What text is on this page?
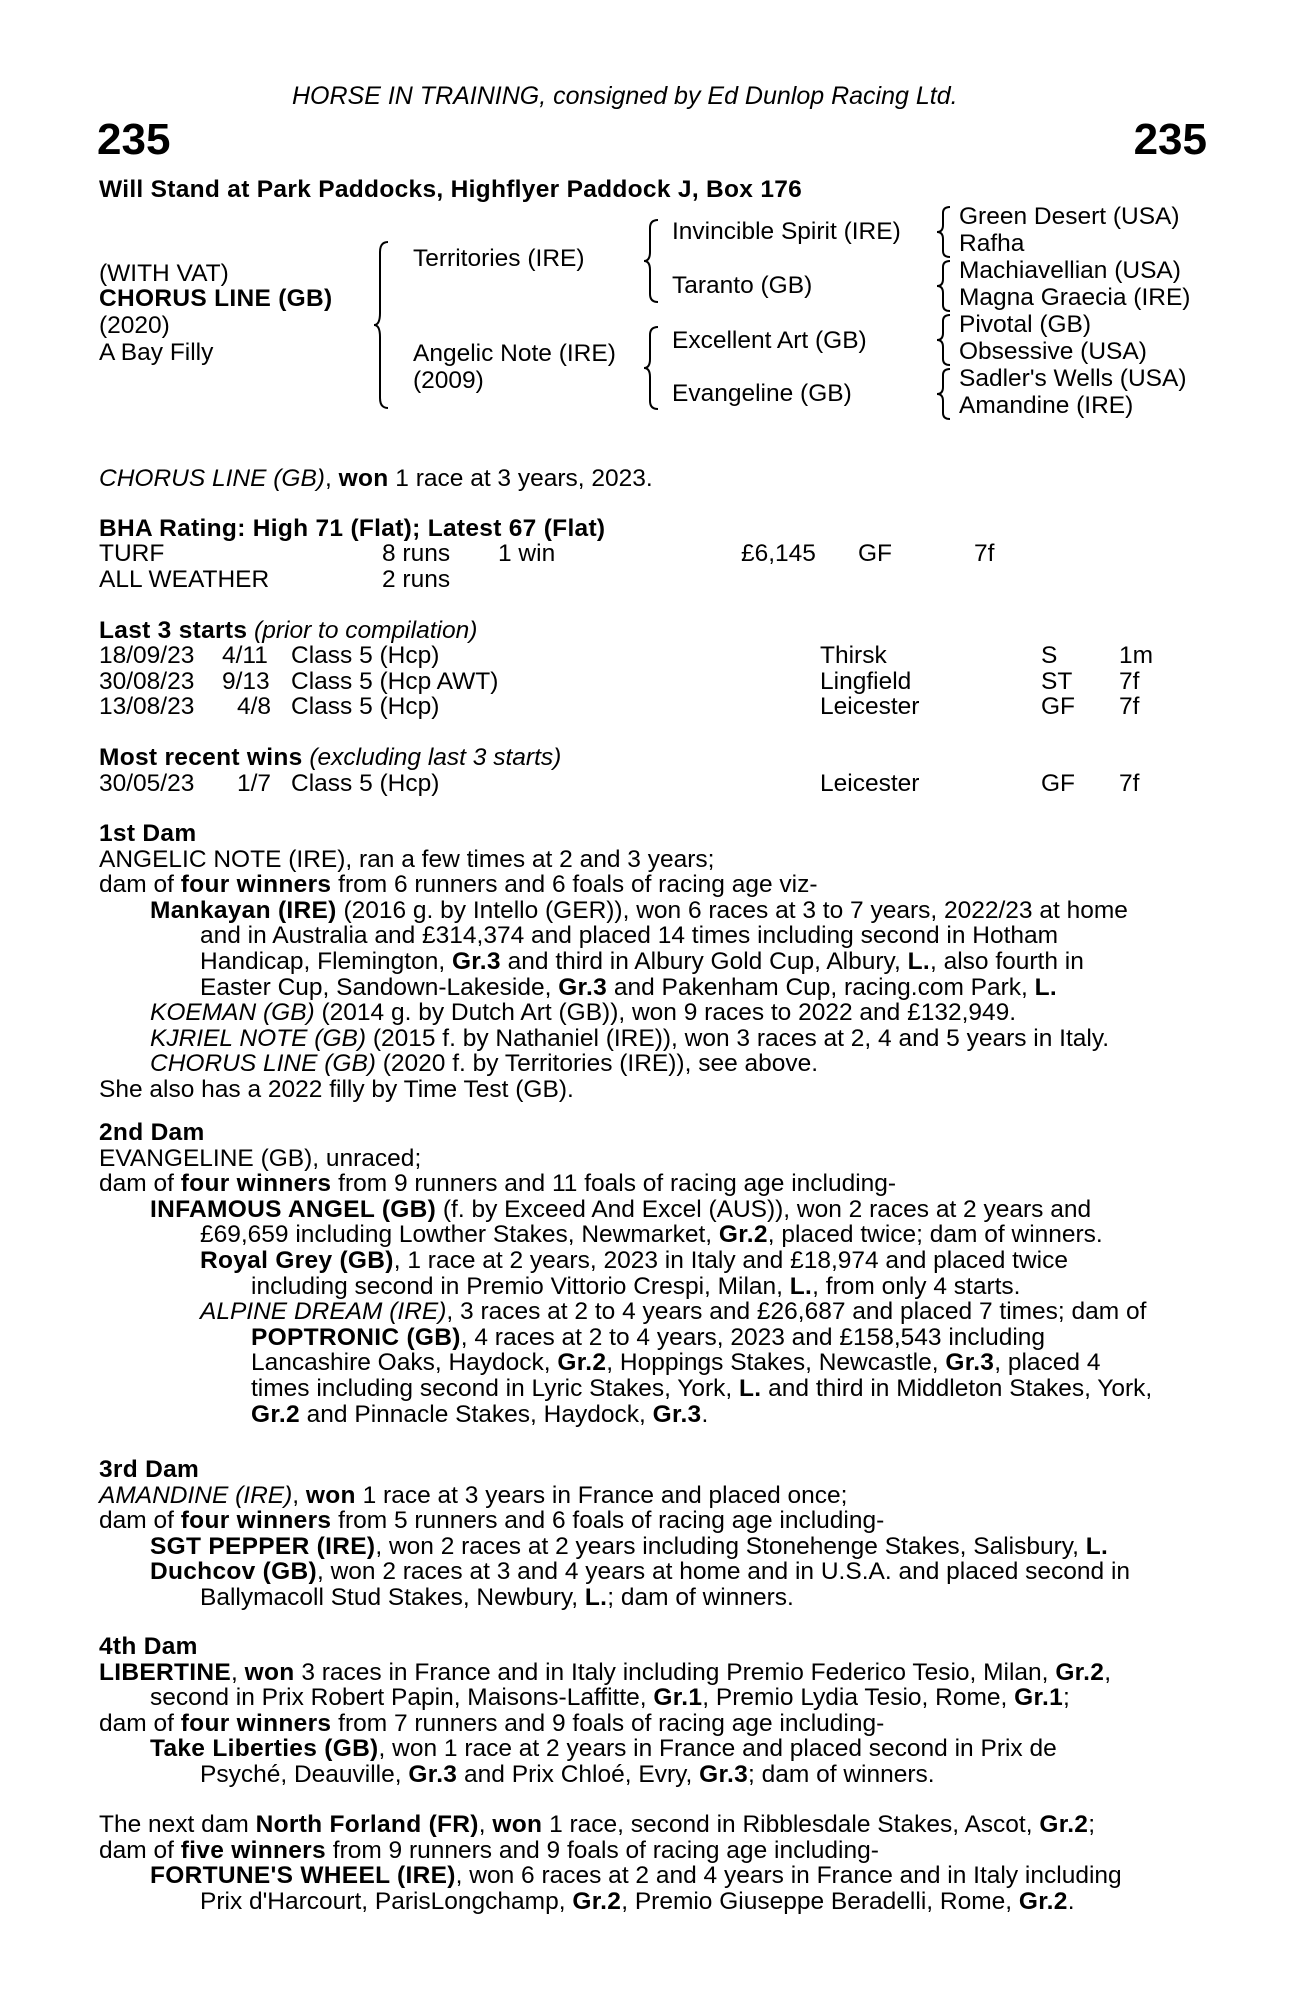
HORSE IN TRAINING, consigned by Ed Dunlop Racing Ltd.
235	235
Will Stand at Park Paddocks, Highflyer Paddock J, Box 176
(WITH VAT)
CHORUS LINE (GB)
(2020)
A Bay Filly
Territories (IRE)
Angelic Note (IRE)
(2009)
Invincible Spirit (IRE)
Taranto (GB)
Excellent Art (GB)
Evangeline (GB)
Green Desert (USA)
Rafha
Machiavellian (USA)
Magna Graecia (IRE)
Pivotal (GB)
Obsessive (USA)
Sadler's Wells (USA)
Amandine (IRE)
CHORUS LINE (GB), won 1 race at 3 years, 2023.
BHA Rating: High 71 (Flat); Latest 67 (Flat)
TURF	8 runs 1 win	£6,145 GF	7f
ALL WEATHER	2 runs
Last 3 starts (prior to compilation)
18/09/23 4/11 Class 5 (Hcp)	Thirsk	S	1m
30/08/23 9/13 Class 5 (Hcp AWT)	Lingfield	ST 7f
13/08/23 4/8 Class 5 (Hcp)	Leicester	GF 7f
Most recent wins (excluding last 3 starts)
30/05/23 1/7 Class 5 (Hcp)	Leicester	GF 7f

1st Dam

ANGELIC NOTE (IRE), ran a few times at 2 and 3 years;

dam of four winners from 6 runners and 6 foals of racing age viz-

Mankayan (IRE) (2016 g. by Intello (GER)), won 6 races at 3 to 7 years, 2022/23 at home

and in Australia and £314,374 and placed 14 times including second in Hotham

Handicap, Flemington, Gr.3 and third in Albury Gold Cup, Albury, L., also fourth in

Easter Cup, Sandown-Lakeside, Gr.3 and Pakenham Cup, racing.com Park, L.

KOEMAN (GB) (2014 g. by Dutch Art (GB)), won 9 races to 2022 and £132,949.

KJRIEL NOTE (GB) (2015 f. by Nathaniel (IRE)), won 3 races at 2, 4 and 5 years in Italy.

CHORUS LINE (GB) (2020 f. by Territories (IRE)), see above.

She also has a 2022 filly by Time Test (GB).

2nd Dam

EVANGELINE (GB), unraced;

dam of four winners from 9 runners and 11 foals of racing age including-

INFAMOUS ANGEL (GB) (f. by Exceed And Excel (AUS)), won 2 races at 2 years and

£69,659 including Lowther Stakes, Newmarket, Gr.2, placed twice; dam of winners.

Royal Grey (GB), 1 race at 2 years, 2023 in Italy and £18,974 and placed twice

including second in Premio Vittorio Crespi, Milan, L., from only 4 starts.

ALPINE DREAM (IRE), 3 races at 2 to 4 years and £26,687 and placed 7 times; dam of

POPTRONIC (GB), 4 races at 2 to 4 years, 2023 and £158,543 including

Lancashire Oaks, Haydock, Gr.2, Hoppings Stakes, Newcastle, Gr.3, placed 4

times including second in Lyric Stakes, York, L. and third in Middleton Stakes, York,

Gr.2 and Pinnacle Stakes, Haydock, Gr.3.

3rd Dam

AMANDINE (IRE), won 1 race at 3 years in France and placed once;

dam of four winners from 5 runners and 6 foals of racing age including-

SGT PEPPER (IRE), won 2 races at 2 years including Stonehenge Stakes, Salisbury, L.

Duchcov (GB), won 2 races at 3 and 4 years at home and in U.S.A. and placed second in

Ballymacoll Stud Stakes, Newbury, L.; dam of winners.

4th Dam

LIBERTINE, won 3 races in France and in Italy including Premio Federico Tesio, Milan, Gr.2,

second in Prix Robert Papin, Maisons-Laffitte, Gr.1, Premio Lydia Tesio, Rome, Gr.1;

dam of four winners from 7 runners and 9 foals of racing age including-

Take Liberties (GB), won 1 race at 2 years in France and placed second in Prix de

Psyché, Deauville, Gr.3 and Prix Chloé, Evry, Gr.3; dam of winners.

The next dam North Forland (FR), won 1 race, second in Ribblesdale Stakes, Ascot, Gr.2;

dam of five winners from 9 runners and 9 foals of racing age including-

FORTUNE'S WHEEL (IRE), won 6 races at 2 and 4 years in France and in Italy including

Prix d'Harcourt, ParisLongchamp, Gr.2, Premio Giuseppe Beradelli, Rome, Gr.2.
